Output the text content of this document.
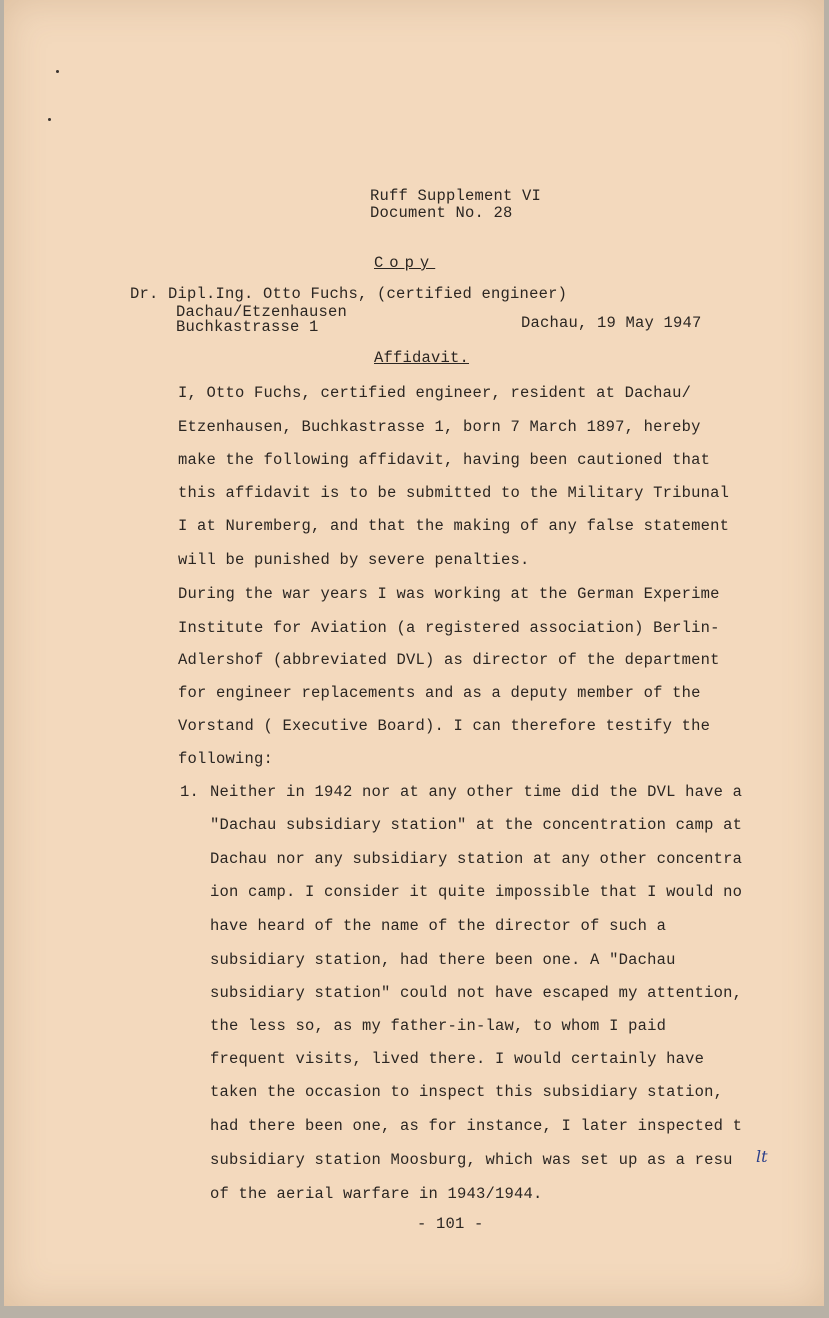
Ruff Supplement VI
Document No. 28
Copy
Dr. Dipl.Ing. Otto Fuchs, (certified engineer)
Dachau/Etzenhausen
Buchkastrasse 1	Dachau, 19 May 1947
Affidavit.
I, Otto Fuchs, certified engineer, resident at Dachau/
Etzenhausen, Buchkastrasse 1, born 7 March 1897, hereby
make the following affidavit, having been cautioned that
this affidavit is to be submitted to the Military Tribunal
I at Nuremberg, and that the making of any false statement
will be punished by severe penalties.
During the war years I was working at the German Experime
Institute for Aviation (a registered association) Berlin-
Adlershof (abbreviated DVL) as director of the department
for engineer replacements and as a deputy member of the
Vorstand ( Executive Board). I can therefore testify the
following:
1. Neither in 1942 nor at any other time did the DVL have a
"Dachau subsidiary station" at the concentration camp at
Dachau nor any subsidiary station at any other concentra
ion camp. I consider it quite impossible that I would no
have heard of the name of the director of such a
subsidiary station, had there been one. A "Dachau
subsidiary station" could not have escaped my attention,
the less so, as my father-in-law, to whom I paid
frequent visits, lived there. I would certainly have
taken the occasion to inspect this subsidiary station,
had there been one, as for instance, I later inspected t
subsidiary station Moosburg, which was set up as a resu
of the aerial warfare in 1943/1944.
lt
- 101 -
